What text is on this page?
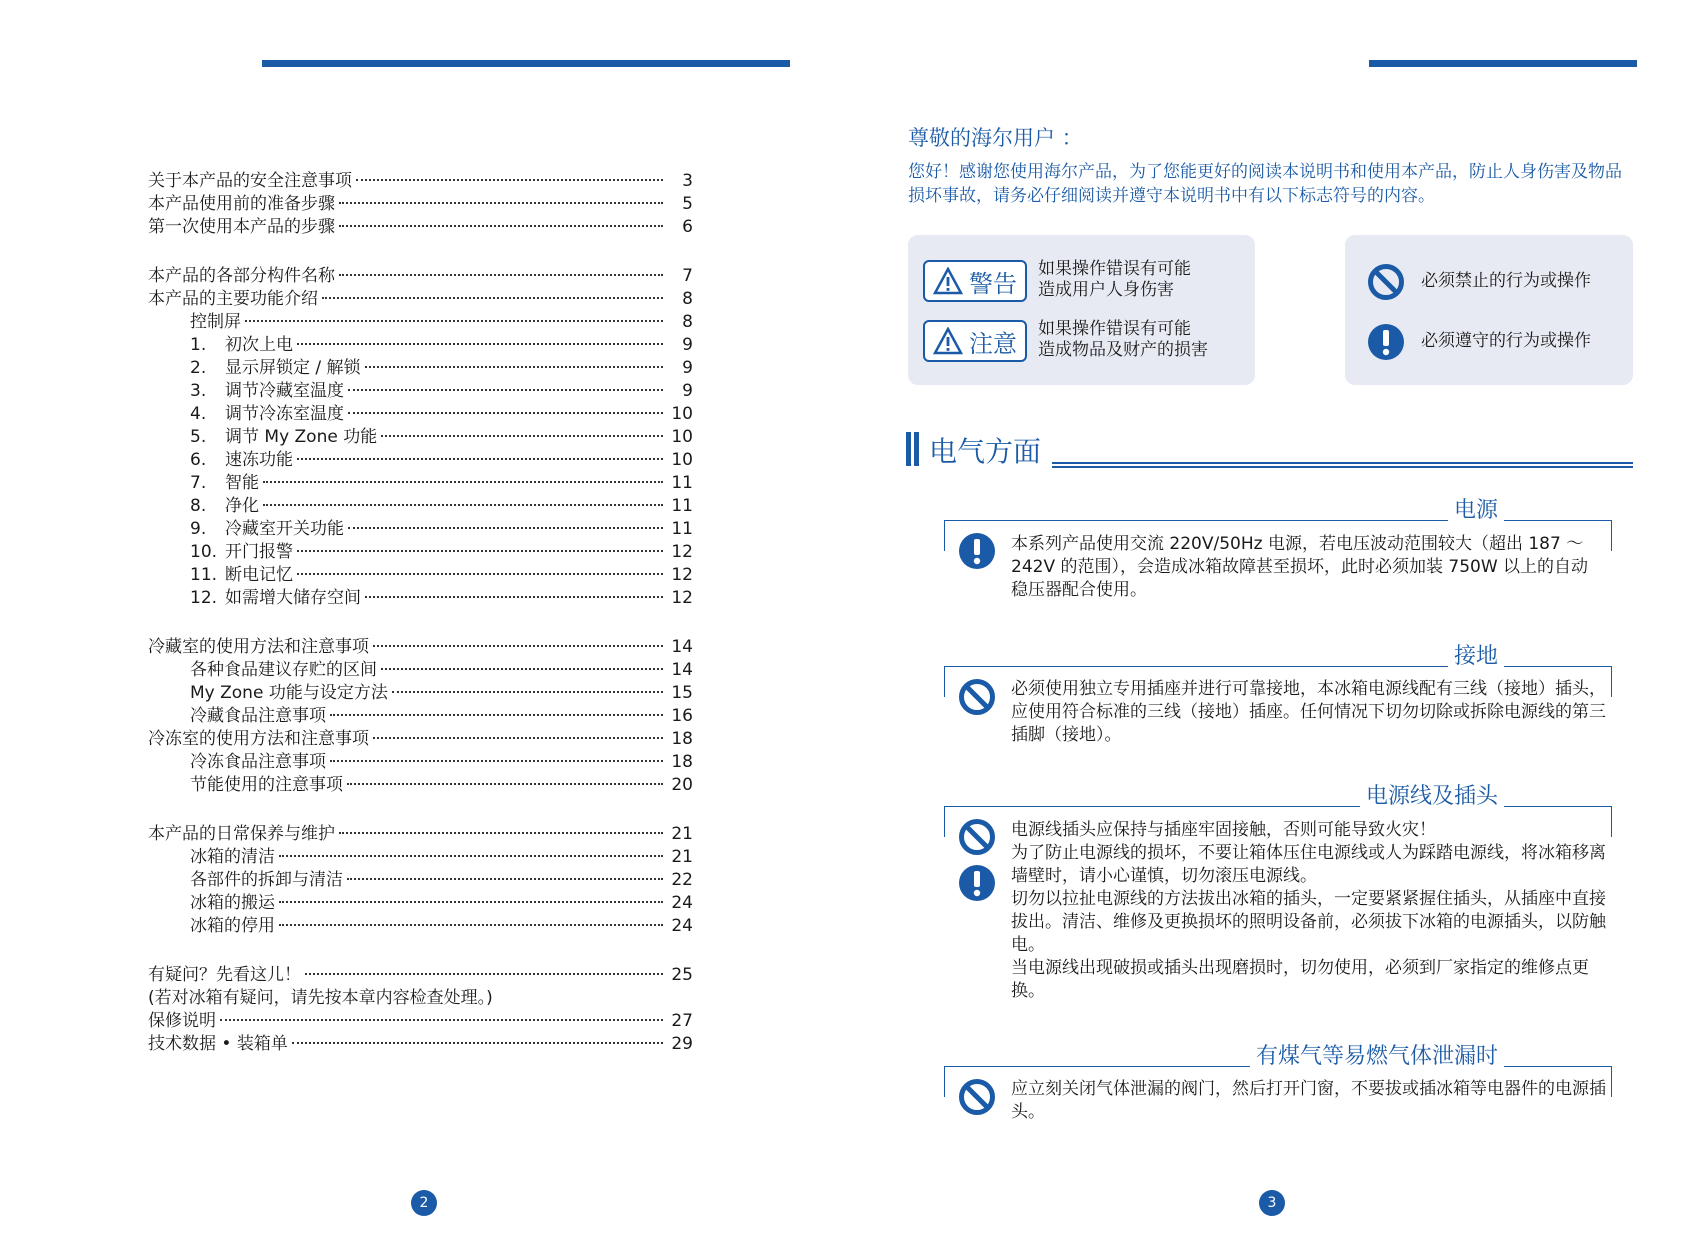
关于本产品的安全注意事项	3
本产品使用前的准备步骤	5
第一次使用本产品的步骤	6
本产品的各部分构件名称	7
本产品的主要功能介绍	8
控制屏	8
1.	初次上电	9
2.	显示屏锁定 / 解锁	9
3.	调节冷藏室温度	9
4.	调节冷冻室温度	10
5.	调节 My Zone 功能	10
6.	速冻功能	10
7.	智能	11
8.	净化	11
9.	冷藏室开关功能	11
10. 开门报警	12
11. 断电记忆	12
12. 如需增大储存空间	12
冷藏室的使用方法和注意事项	14
各种食品建议存贮的区间	14
My Zone 功能与设定方法	15
冷藏食品注意事项	16
冷冻室的使用方法和注意事项	18
冷冻食品注意事项	18
节能使用的注意事项	20
本产品的日常保养与维护	21
冰箱的清洁	21
各部件的拆卸与清洁	22
冰箱的搬运	24
冰箱的停用	24
有疑问？先看这儿！	25
(若对冰箱有疑问，请先按本章内容检查处理。)
保修说明	27
技术数据 • 装箱单	29
尊敬的海尔用户 ：
您好！感谢您使用海尔产品，为了您能更好的阅读本说明书和使用本产品，防止人身伤害及物品损坏事故，请务必仔细阅读并遵守本说明书中有以下标志符号的内容。
警告
如果操作错误有可能
造成用户人身伤害
注意
如果操作错误有可能
造成物品及财产的损害
必须禁止的行为或操作
必须遵守的行为或操作
电气方面
电源
本系列产品使用交流 220V/50Hz 电源，若电压波动范围较大（超出 187 ～ 242V 的范围），会造成冰箱故障甚至损坏，此时必须加装 750W 以上的自动稳压器配合使用。
接地
必须使用独立专用插座并进行可靠接地，本冰箱电源线配有三线（接地）插头，应使用符合标准的三线（接地）插座。任何情况下切勿切除或拆除电源线的第三插脚（接地）。
电源线及插头
电源线插头应保持与插座牢固接触，否则可能导致火灾！
为了防止电源线的损坏，不要让箱体压住电源线或人为踩踏电源线，将冰箱移离墙壁时，请小心谨慎，切勿滚压电源线。
切勿以拉扯电源线的方法拔出冰箱的插头，一定要紧紧握住插头，从插座中直接拔出。清洁、维修及更换损坏的照明设备前，必须拔下冰箱的电源插头，以防触电。
当电源线出现破损或插头出现磨损时，切勿使用，必须到厂家指定的维修点更换。
有煤气等易燃气体泄漏时
应立刻关闭气体泄漏的阀门，然后打开门窗，不要拔或插冰箱等电器件的电源插头。
2	3
